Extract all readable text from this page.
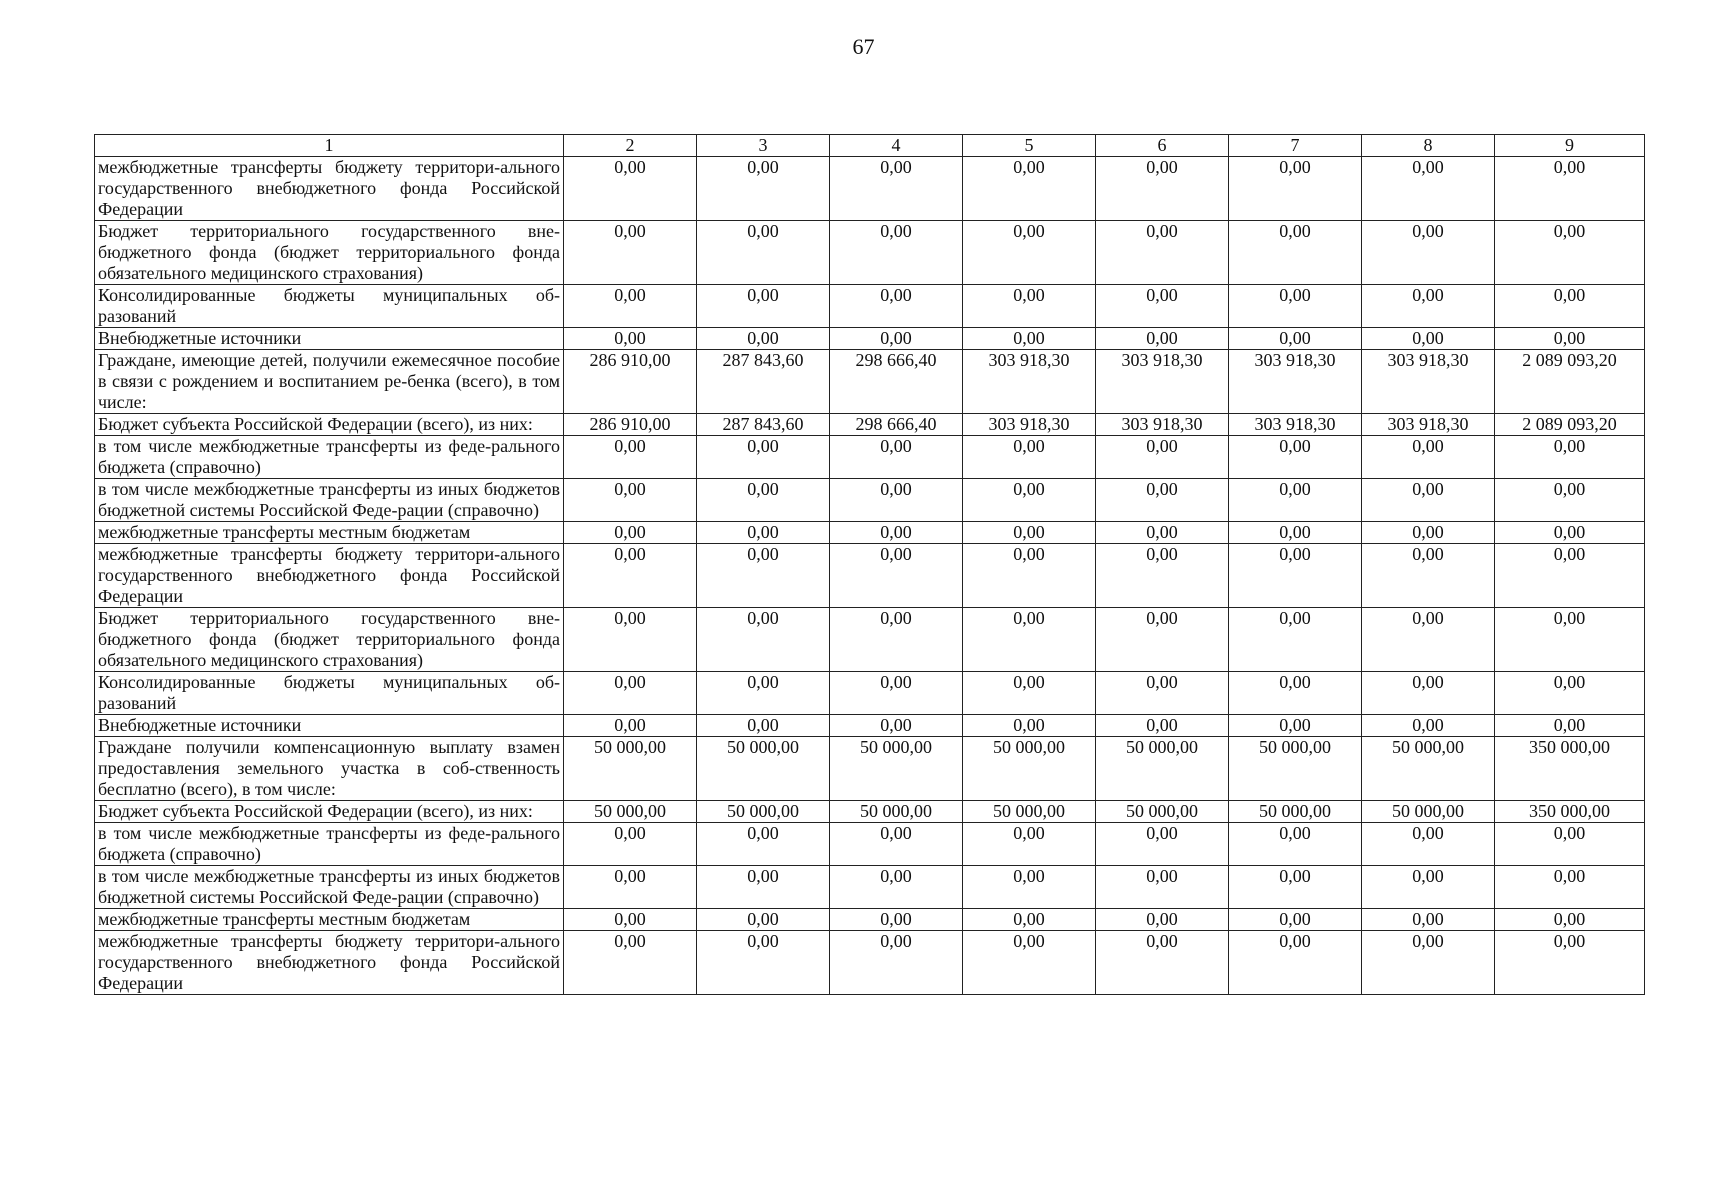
67
1	2	3	4	5	6	7	8	9
межбюджетные трансферты бюджету территори-ального государственного внебюджетного фонда Российской Федерации	0,00	0,00	0,00	0,00	0,00	0,00	0,00	0,00
Бюджет территориального государственного вне-бюджетного фонда (бюджет территориального фонда обязательного медицинского страхования)	0,00	0,00	0,00	0,00	0,00	0,00	0,00	0,00
Консолидированные бюджеты муниципальных об-разований	0,00	0,00	0,00	0,00	0,00	0,00	0,00	0,00
Внебюджетные источники	0,00	0,00	0,00	0,00	0,00	0,00	0,00	0,00
Граждане, имеющие детей, получили ежемесячное пособие в связи с рождением и воспитанием ре-бенка (всего), в том числе:	286 910,00	287 843,60	298 666,40	303 918,30	303 918,30	303 918,30	303 918,30	2 089 093,20
Бюджет субъекта Российской Федерации (всего), из них:	286 910,00	287 843,60	298 666,40	303 918,30	303 918,30	303 918,30	303 918,30	2 089 093,20
в том числе межбюджетные трансферты из феде-рального бюджета (справочно)	0,00	0,00	0,00	0,00	0,00	0,00	0,00	0,00
в том числе межбюджетные трансферты из иных бюджетов бюджетной системы Российской Феде-рации (справочно)	0,00	0,00	0,00	0,00	0,00	0,00	0,00	0,00
межбюджетные трансферты местным бюджетам	0,00	0,00	0,00	0,00	0,00	0,00	0,00	0,00
межбюджетные трансферты бюджету территори-ального государственного внебюджетного фонда Российской Федерации	0,00	0,00	0,00	0,00	0,00	0,00	0,00	0,00
Бюджет территориального государственного вне-бюджетного фонда (бюджет территориального фонда обязательного медицинского страхования)	0,00	0,00	0,00	0,00	0,00	0,00	0,00	0,00
Консолидированные бюджеты муниципальных об-разований	0,00	0,00	0,00	0,00	0,00	0,00	0,00	0,00
Внебюджетные источники	0,00	0,00	0,00	0,00	0,00	0,00	0,00	0,00
Граждане получили компенсационную выплату взамен предоставления земельного участка в соб-ственность бесплатно (всего), в том числе:	50 000,00	50 000,00	50 000,00	50 000,00	50 000,00	50 000,00	50 000,00	350 000,00
Бюджет субъекта Российской Федерации (всего), из них:	50 000,00	50 000,00	50 000,00	50 000,00	50 000,00	50 000,00	50 000,00	350 000,00
в том числе межбюджетные трансферты из феде-рального бюджета (справочно)	0,00	0,00	0,00	0,00	0,00	0,00	0,00	0,00
в том числе межбюджетные трансферты из иных бюджетов бюджетной системы Российской Феде-рации (справочно)	0,00	0,00	0,00	0,00	0,00	0,00	0,00	0,00
межбюджетные трансферты местным бюджетам	0,00	0,00	0,00	0,00	0,00	0,00	0,00	0,00
межбюджетные трансферты бюджету территори-ального государственного внебюджетного фонда Российской Федерации	0,00	0,00	0,00	0,00	0,00	0,00	0,00	0,00
